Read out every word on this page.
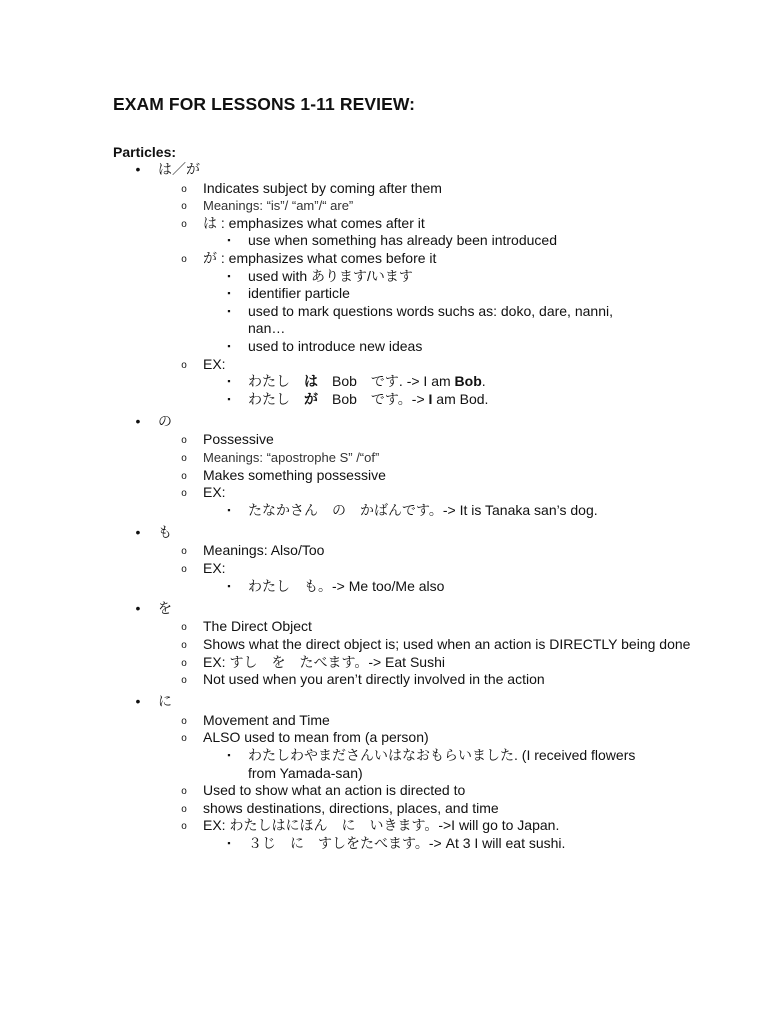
EXAM FOR LESSONS 1-11 REVIEW:
Particles:
• は／が
o Indicates subject by coming after them
o Meanings: “is”/ “am”/“ are”
o は : emphasizes what comes after it
▪ use when something has already been introduced
o が : emphasizes what comes before it
▪ used with あります/います
▪ identifier particle
▪ used to mark questions words suchs as: doko, dare, nanni, nan…
▪ used to introduce new ideas
o EX:
▪ わたし は Bob です. -> I am Bob.
▪ わたし が Bob です。-> I am Bod.
• の
o Possessive
o Meanings: “apostrophe S” /“of”
o Makes something possessive
o EX:
▪ たなかさん　の　かばんです。-> It is Tanaka san’s dog.
• も
o Meanings: Also/Too
o EX:
▪ わたし　も。-> Me too/Me also
• を
o The Direct Object
o Shows what the direct object is; used when an action is DIRECTLY being done
o EX: すし　を　たべます。-> Eat Sushi
o Not used when you aren’t directly involved in the action
• に
o Movement and Time
o ALSO used to mean from (a person)
▪ わたしわやまださんいはなおもらいました. (I received flowers from Yamada-san)
o Used to show what an action is directed to
o shows destinations, directions, places, and time
o EX: わたしはにほん　に　いきます。->I will go to Japan.
▪ ３じ　に　すしをたべます。-> At 3 I will eat sushi.
